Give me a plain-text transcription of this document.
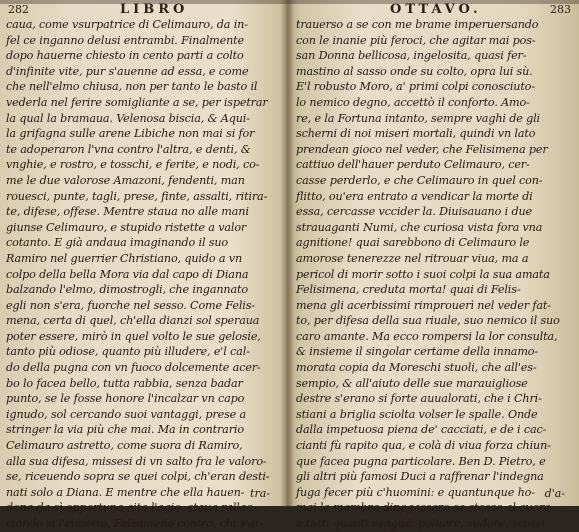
282	LIBRO
caua, come vsurpatrice di Celimauro, da in-
fel ce inganno delusi entrambi. Finalmente
dopo hauerne chiesto in cento parti a colto
d'infinite vite, pur s'auenne ad essa, e come
che nell'elmo chiusa, non per tanto le basto il
vederla nel ferire somigliante a se, per ispetrar
la qual la bramaua. Velenosa biscia, & Aqui-
la grifagna sulle arene Libiche non mai si for
te adoperaron l'vna contro l'altra, e denti, &
vnghie, e rostro, e tosschi, e ferite, e nodi, co-
me le due valorose Amazoni, fendenti, man
rouesci, punte, tagli, prese, finte, assalti, ritira-
te, difese, offese. Mentre staua no alle mani
giunse Celimauro, e stupido ristette a valor
cotanto. E già andaua imaginando il suo
Ramiro nel guerrier Christiano, quido a vn
colpo della bella Mora via dal capo di Diana
balzando l'elmo, dimostrogli, che ingannato
egli non s'era, fuorche nel sesso. Come Felis-
mena, certa di quel, ch'ella dianzi sol speraua
poter essere, mirò in quel volto le sue gelosie,
tanto più odiose, quanto più illudere, e'l cal-
do della pugna con vn fuoco dolcemente acer-
bo lo facea bello, tutta rabbia, senza badar
punto, se le fosse honore l'incalzar vn capo
ignudo, sol cercando suoi vantaggi, prese a
stringer la via più che mai. Ma in contrario
Celimauro astretto, come suora di Ramiro,
alla sua difesa, missesi di vn salto fra le valoro-
se, riceuendo sopra se quei colpi, ch'eran desti-
nati solo a Diana. E mentre che ella hauen-
done da sì opportuna aita l'agio, staua rallac-
ciando si l'elmetto, Felisimena contro, chi s'at-
tra-
OTTAVO.	283
trauerso a se con me brame imperuersando
con le inanie più feroci, che agitar mai pos-
san Donna bellicosa, ingelosita, quasi fer-
mastino al sasso onde su colto, opra lui sù.
E'l robusto Moro, a' primi colpi conosciuto-
lo nemico degno, accettò il conforto. Amo-
re, e la Fortuna intanto, sempre vaghi de gli
scherni di noi miseri mortali, quindi vn lato
prendean gioco nel veder, che Felisimena per
cattiuo dell'hauer perduto Celimauro, cer-
casse perderlo, e che Celimauro in quel con-
flitto, ou'era entrato a vendicar la morte di
essa, cercasse vccider la. Diuisauano i due
strauaganti Numi, che curiosa vista fora vna
agnitione! quai sarebbono di Celimauro le
amorose tenerezze nel ritrouar viua, ma a
pericol di morir sotto i suoi colpi la sua amata
Felisimena, creduta morta! quai di Felis-
mena gli acerbissimi rimprouerì nel veder fat-
to, per difesa della sua riuale, suo nemico il suo
caro amante. Ma ecco rompersi la lor consulta,
& insieme il singolar certame della innamo-
morata copia da Moreschi stuoli, che all'es-
sempio, & all'aiuto delle sue marauigliose
destre s'erano si forte auualorati, che i Chri-
stiani a briglia sciolta volser le spalle. Onde
dalla impetuosa piena de' cacciati, e de i cac-
cianti fù rapito qua, e colà di viua forza chiun-
que facea pugna particolare. Ben D. Pietro, e
gli altri più famosi Duci a raffrenar l'indegna
fuga fecer più c'huomini: e quantunque ho-
mai le membra dinegassero se stesse al cuore
e tutti quanti sangue, poluere, sudore, scossi
d'a-
